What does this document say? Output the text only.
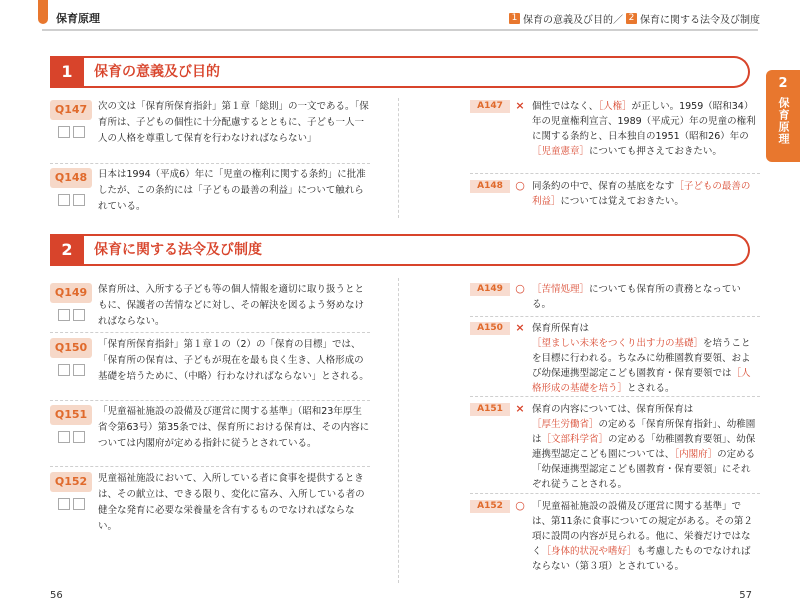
保育原理	1 保育の意義及び目的／ 2 保育に関する法令及び制度
2
保育原理
1	保育の意義及び目的
Q147	次の文は「保育所保育指針」第１章「総則」の一文である。「保育所は、子どもの個性に十分配慮するとともに、子ども一人一人の人格を尊重して保育を行わなければならない」
Q148	日本は1994（平成6）年に「児童の権利に関する条約」に批准したが、この条約には「子どもの最善の利益」について触れられている。
A147	× 個性ではなく、［人権］が正しい。1959（昭和34）年の児童権利宣言、1989（平成元）年の児童の権利に関する条約と、日本独自の1951（昭和26）年の［児童憲章］についても押さえておきたい。
A148	○ 同条約の中で、保育の基底をなす［子どもの最善の利益］については覚えておきたい。
2	保育に関する法令及び制度
Q149	保育所は、入所する子ども等の個人情報を適切に取り扱うとともに、保護者の苦情などに対し、その解決を図るよう努めなければならない。
Q150	「保育所保育指針」第１章１の（2）の「保育の目標」では、「保育所の保育は、子どもが現在を最も良く生き、人格形成の基礎を培うために、（中略）行わなければならない」とされる。
Q151	「児童福祉施設の設備及び運営に関する基準」（昭和23年厚生省令第63号）第35条では、保育所における保育は、その内容については内閣府が定める指針に従うとされている。
Q152	児童福祉施設において、入所している者に食事を提供するときは、その献立は、できる限り、変化に富み、入所している者の健全な発育に必要な栄養量を含有するものでなければならない。
A149	○ ［苦情処理］についても保育所の責務となっている。
A150	× 保育所保育は［望ましい未来をつくり出す力の基礎］を培うことを目標に行われる。ちなみに幼稚園教育要領、および幼保連携型認定こども園教育・保育要領では［人格形成の基礎を培う］とされる。
A151	× 保育の内容については、保育所保育は［厚生労働省］の定める「保育所保育指針」、幼稚園は［文部科学省］の定める「幼稚園教育要領」、幼保連携型認定こども園については、［内閣府］の定める「幼保連携型認定こども園教育・保育要領」にそれぞれ従うことされる。
A152	○ 「児童福祉施設の設備及び運営に関する基準」では、第11条に食事についての規定がある。その第２項に設問の内容が見られる。他に、栄養だけではなく［身体的状況や嗜好］も考慮したものでなければならない（第３項）とされている。
56	57
